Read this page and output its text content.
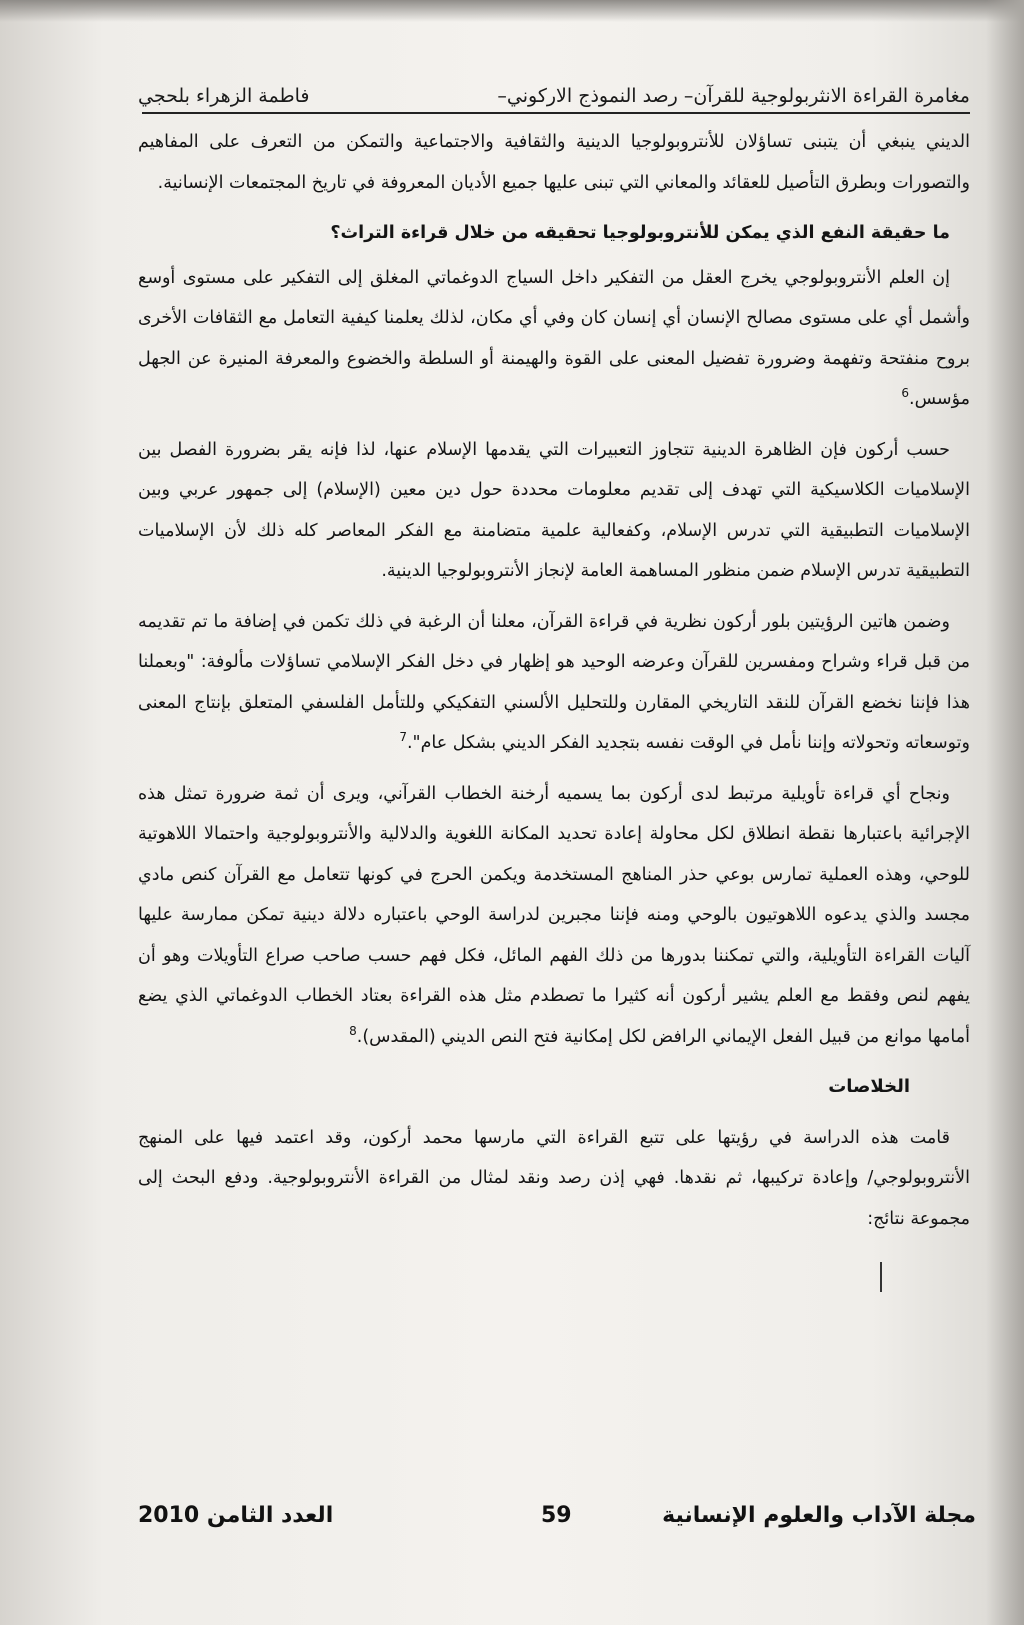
مغامرة القراءة الانثربولوجية للقرآن– رصد النموذج الاركوني–
فاطمة الزهراء بلحجي

الديني ينبغي أن يتبنى تساؤلان للأنتروبولوجيا الدينية والثقافية والاجتماعية والتمكن من التعرف على المفاهيم والتصورات وبطرق التأصيل للعقائد والمعاني التي تبنى عليها جميع الأديان المعروفة في تاريخ المجتمعات الإنسانية.

ما حقيقة النفع الذي يمكن للأنتروبولوجيا تحقيقه من خلال قراءة التراث؟

إن العلم الأنتروبولوجي يخرج العقل من التفكير داخل السياج الدوغماتي المغلق إلى التفكير على مستوى أوسع وأشمل أي على مستوى مصالح الإنسان أي إنسان كان وفي أي مكان، لذلك يعلمنا كيفية التعامل مع الثقافات الأخرى بروح منفتحة وتفهمة وضرورة تفضيل المعنى على القوة والهيمنة أو السلطة والخضوع والمعرفة المنيرة عن الجهل مؤسس.$^6$

حسب أركون فإن الظاهرة الدينية تتجاوز التعبيرات التي يقدمها الإسلام عنها، لذا فإنه يقر بضرورة الفصل بين الإسلاميات الكلاسيكية التي تهدف إلى تقديم معلومات محددة حول دين معين (الإسلام) إلى جمهور عربي وبين الإسلاميات التطبيقية التي تدرس الإسلام، وكفعالية علمية متضامنة مع الفكر المعاصر كله ذلك لأن الإسلاميات التطبيقية تدرس الإسلام ضمن منظور المساهمة العامة لإنجاز الأنتروبولوجيا الدينية.

وضمن هاتين الرؤيتين بلور أركون نظرية في قراءة القرآن، معلنا أن الرغبة في ذلك تكمن في إضافة ما تم تقديمه من قبل قراء وشراح ومفسرين للقرآن وعرضه الوحيد هو إظهار في دخل الفكر الإسلامي تساؤلات مألوفة: "وبعملنا هذا فإننا نخضع القرآن للنقد التاريخي المقارن وللتحليل الألسني التفكيكي وللتأمل الفلسفي المتعلق بإنتاج المعنى وتوسعاته وتحولاته وإننا نأمل في الوقت نفسه بتجديد الفكر الديني بشكل عام".$^7$

ونجاح أي قراءة تأويلية مرتبط لدى أركون بما يسميه أرخنة الخطاب القرآني، ويرى أن ثمة ضرورة تمثل هذه الإجرائية باعتبارها نقطة انطلاق لكل محاولة إعادة تحديد المكانة اللغوية والدلالية والأنتروبولوجية واحتمالا اللاهوتية للوحي، وهذه العملية تمارس بوعي حذر المناهج المستخدمة ويكمن الحرج في كونها تتعامل مع القرآن كنص مادي مجسد والذي يدعوه اللاهوتيون بالوحي ومنه فإننا مجبرين لدراسة الوحي باعتباره دلالة دينية تمكن ممارسة عليها آليات القراءة التأويلية، والتي تمكننا بدورها من ذلك الفهم المائل، فكل فهم حسب صاحب صراع التأويلات وهو أن يفهم لنص وفقط مع العلم يشير أركون أنه كثيرا ما تصطدم مثل هذه القراءة بعتاد الخطاب الدوغماتي الذي يضع أمامها موانع من قبيل الفعل الإيماني الرافض لكل إمكانية فتح النص الديني (المقدس).$^8$

الخلاصات

قامت هذه الدراسة في رؤيتها على تتبع القراءة التي مارسها محمد أركون، وقد اعتمد فيها على المنهج الأنتروبولوجي/ وإعادة تركيبها، ثم نقدها. فهي إذن رصد ونقد لمثال من القراءة الأنتروبولوجية. ودفع البحث إلى مجموعة نتائج:

مجلة الآداب والعلوم الإنسانية
59
العدد الثامن 2010
